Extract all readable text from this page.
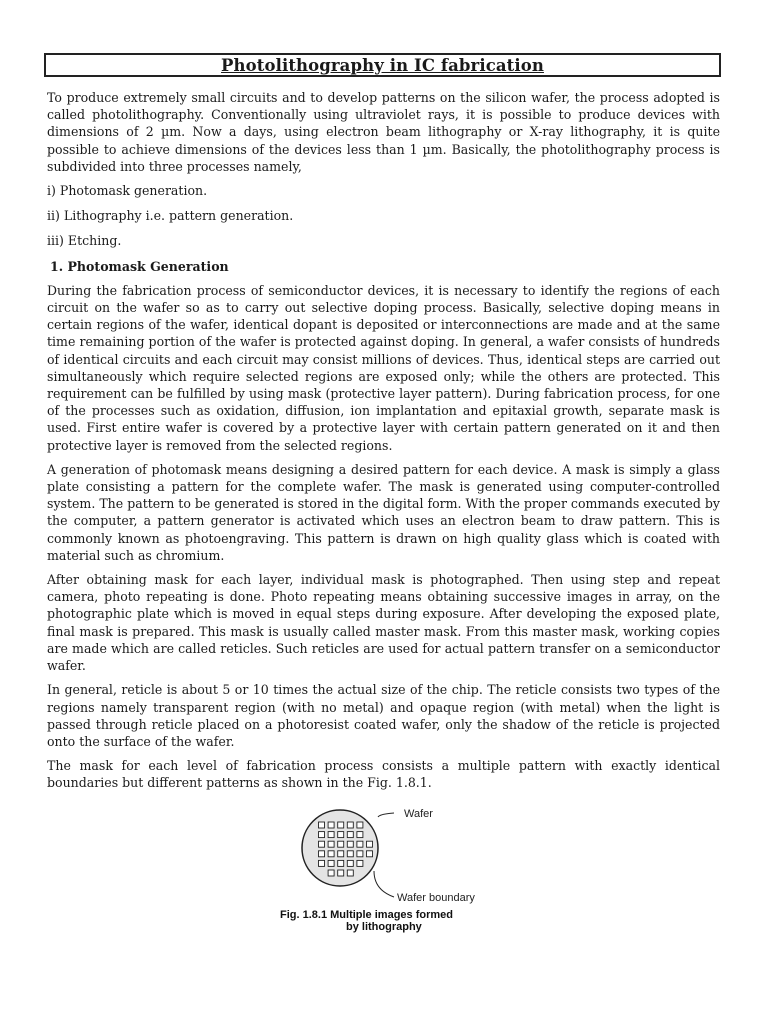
Photolithography in IC fabrication

To produce extremely small circuits and to develop patterns on the silicon wafer, the process adopted is called photolithography. Conventionally using ultraviolet rays, it is possible to produce devices with dimensions of 2 µm. Now a days, using electron beam lithography or X-ray lithography, it is quite possible to achieve dimensions of the devices less than 1 µm. Basically, the photolithography process is subdivided into three processes namely,

i) Photomask generation.
ii) Lithography i.e. pattern generation.
iii) Etching.
1. Photomask Generation

During the fabrication process of semiconductor devices, it is necessary to identify the regions of each circuit on the wafer so as to carry out selective doping process. Basically, selective doping means in certain regions of the wafer, identical dopant is deposited or interconnections are made and at the same time remaining portion of the wafer is protected against doping. In general, a wafer consists of hundreds of identical circuits and each circuit may consist millions of devices. Thus, identical steps are carried out simultaneously which require selected regions are exposed only; while the others are protected. This requirement can be fulfilled by using mask (protective layer pattern). During fabrication process, for one of the processes such as oxidation, diffusion, ion implantation and epitaxial growth, separate mask is used. First entire wafer is covered by a protective layer with certain pattern generated on it and then protective layer is removed from the selected regions.

A generation of photomask means designing a desired pattern for each device. A mask is simply a glass plate consisting a pattern for the complete wafer. The mask is generated using computer-controlled system. The pattern to be generated is stored in the digital form. With the proper commands executed by the computer, a pattern generator is activated which uses an electron beam to draw pattern. This is commonly known as photoengraving. This pattern is drawn on high quality glass which is coated with material such as chromium.

After obtaining mask for each layer, individual mask is photographed. Then using step and repeat camera, photo repeating is done. Photo repeating means obtaining successive images in array, on the photographic plate which is moved in equal steps during exposure. After developing the exposed plate, final mask is prepared. This mask is usually called master mask. From this master mask, working copies are made which are called reticles. Such reticles are used for actual pattern transfer on a semiconductor wafer.

In general, reticle is about 5 or 10 times the actual size of the chip. The reticle consists two types of the regions namely transparent region (with no metal) and opaque region (with metal) when the light is passed through reticle placed on a photoresist coated wafer, only the shadow of the reticle is projected onto the surface of the wafer.

The mask for each level of fabrication process consists a multiple pattern with exactly identical boundaries but different patterns as shown in the Fig. 1.8.1.

Wafer
Wafer boundary
Fig. 1.8.1 Multiple images formed
by lithography
